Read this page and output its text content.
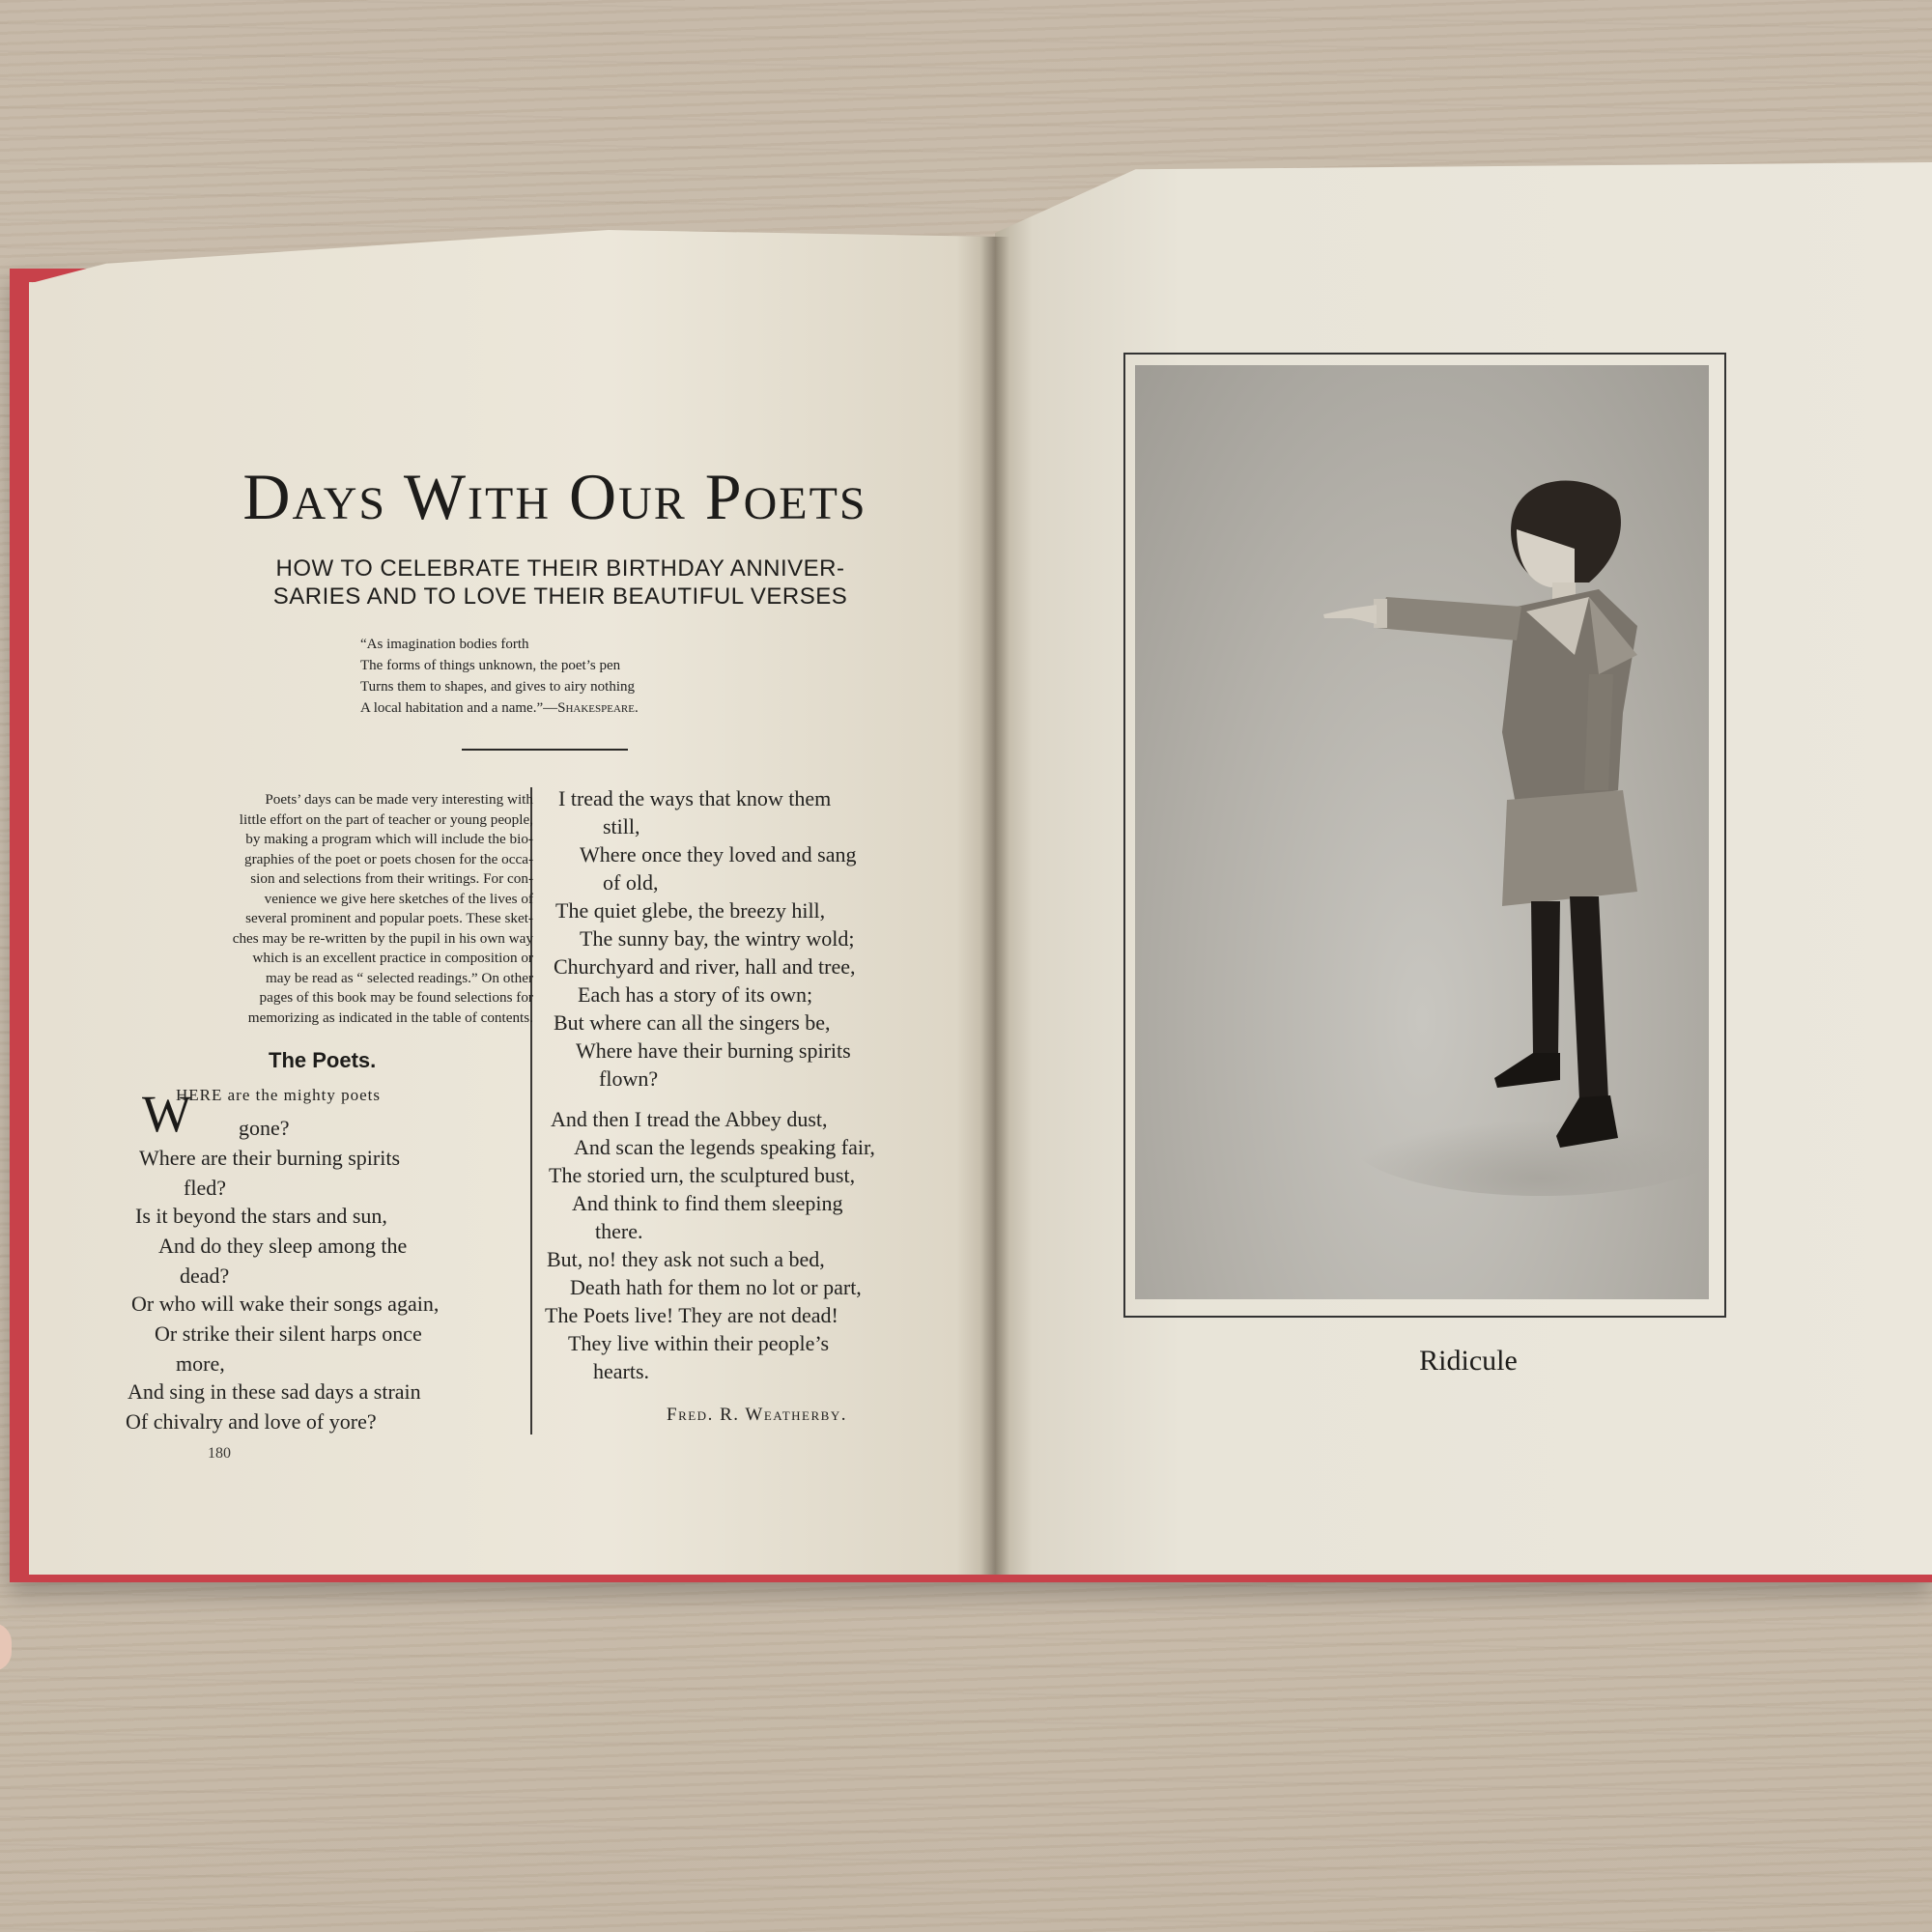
Days With Our Poets
HOW TO CELEBRATE THEIR BIRTHDAY ANNIVER-
SARIES AND TO LOVE THEIR BEAUTIFUL VERSES
“As imagination bodies forth
The forms of things unknown, the poet’s pen
Turns them to shapes, and gives to airy nothing
A local habitation and a name.”—Shakespeare.
Poets’ days can be made very interesting with
little effort on the part of teacher or young people,
by making a program which will include the bio-
graphies of the poet or poets chosen for the occa-
sion and selections from their writings. For con-
venience we give here sketches of the lives of
several prominent and popular poets. These sket-
ches may be re-written by the pupil in his own way
which is an excellent practice in composition or
may be read as “ selected readings.” On other
pages of this book may be found selections for
memorizing as indicated in the table of contents.
The Poets.
W
HERE are the mighty poets
gone?
Where are their burning spirits
fled?
Is it beyond the stars and sun,
And do they sleep among the
dead?
Or who will wake their songs again,
Or strike their silent harps once
more,
And sing in these sad days a strain
Of chivalry and love of yore?
I tread the ways that know them
still,
Where once they loved and sang
of old,
The quiet glebe, the breezy hill,
The sunny bay, the wintry wold;
Churchyard and river, hall and tree,
Each has a story of its own;
But where can all the singers be,
Where have their burning spirits
flown?
And then I tread the Abbey dust,
And scan the legends speaking fair,
The storied urn, the sculptured bust,
And think to find them sleeping
there.
But, no! they ask not such a bed,
Death hath for them no lot or part,
The Poets live! They are not dead!
They live within their people’s
hearts.
Fred. R. Weatherby.
180
Ridicule
